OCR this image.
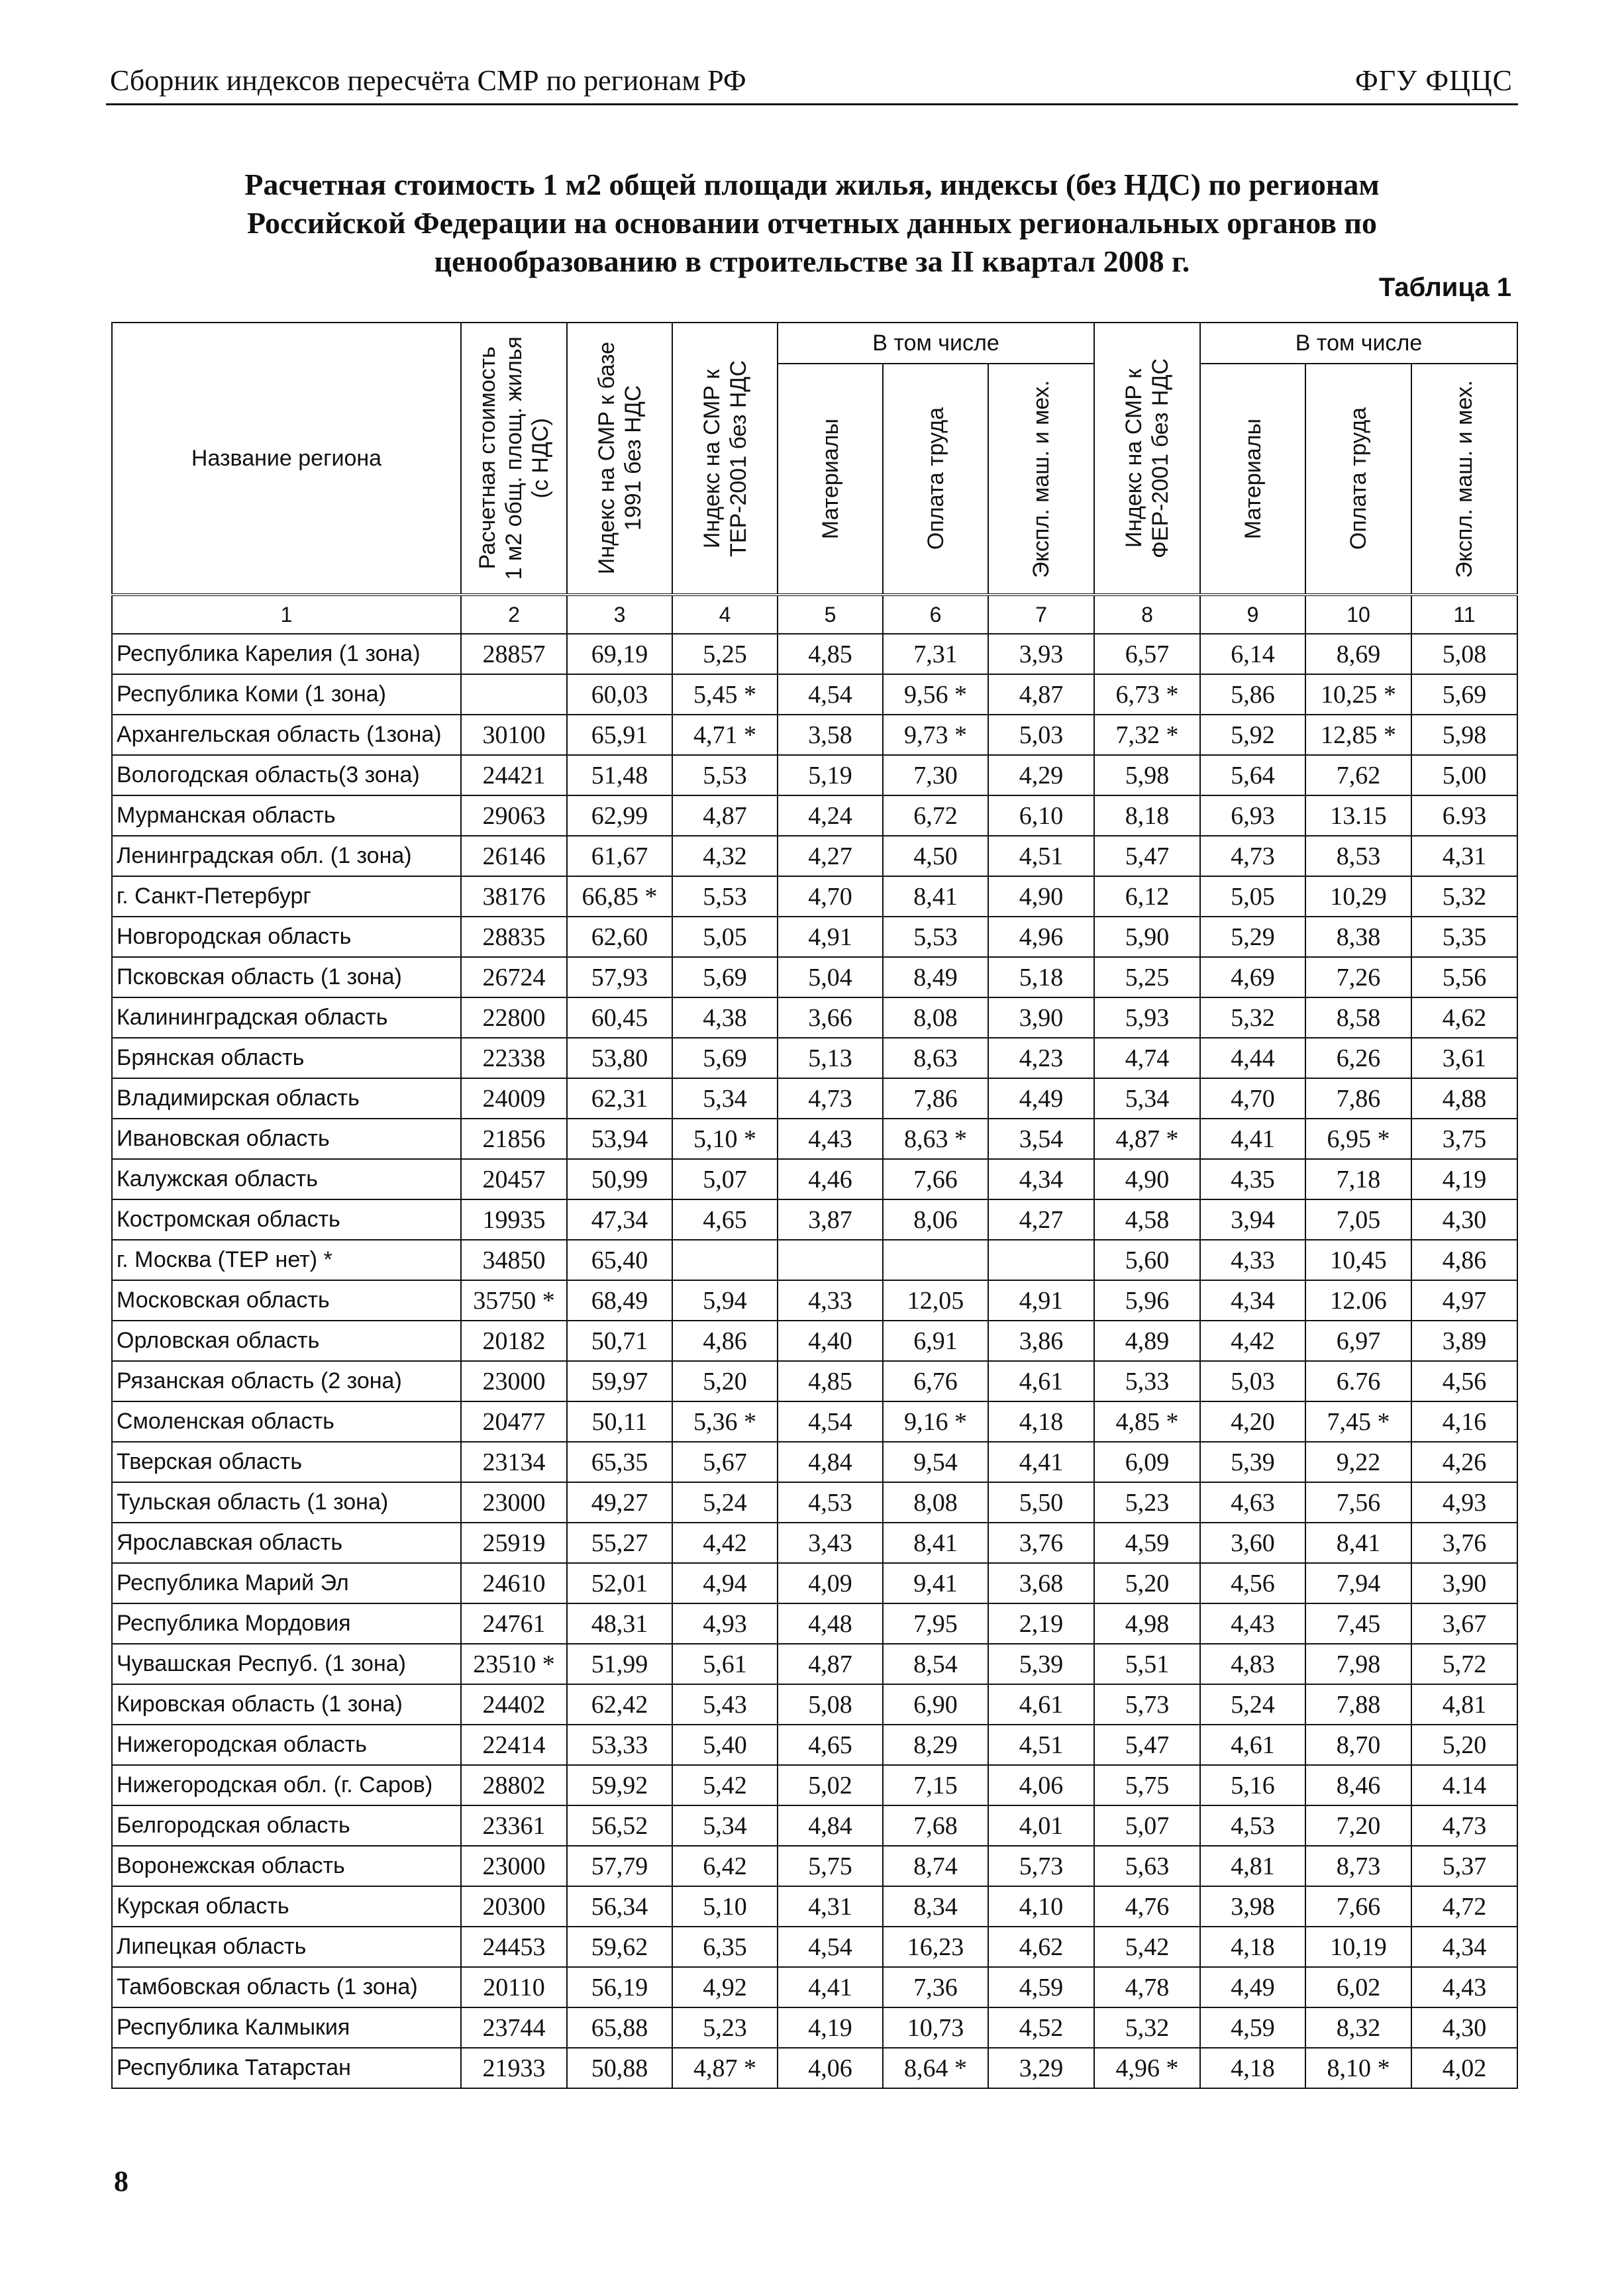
Сборник индексов пересчёта СМР по регионам РФ	ФГУ ФЦЦС
Расчетная стоимость 1 м2 общей площади жилья, индексы (без НДС) по регионам
Российской Федерации на основании отчетных данных региональных органов по
ценообразованию в строительстве за II квартал 2008 г.
Таблица 1
Название региона	Расчетная стоимость
1 м2 общ. площ. жилья
(с НДС)	Индекс на СМР к базе
1991 без НДС	Индекс на СМР к
ТЕР-2001 без НДС	В том числе			Индекс на СМР к
ФЕР-2001 без НДС	В том числе		

				Материалы	Оплата труда	Экспл. маш. и мех.		Материалы	Оплата труда	Экспл. маш. и мех.

1	2	3	4	5	6	7	8	9	10	11
Республика Карелия (1 зона)	28857	69,19	5,25	4,85	7,31	3,93	6,57	6,14	8,69	5,08
Республика Коми (1 зона)		60,03	5,45 *	4,54	9,56 *	4,87	6,73 *	5,86	10,25 *	5,69
Архангельская область (1зона)	30100	65,91	4,71 *	3,58	9,73 *	5,03	7,32 *	5,92	12,85 *	5,98
Вологодская область(3 зона)	24421	51,48	5,53	5,19	7,30	4,29	5,98	5,64	7,62	5,00
Мурманская область	29063	62,99	4,87	4,24	6,72	6,10	8,18	6,93	13.15	6.93
Ленинградская обл. (1 зона)	26146	61,67	4,32	4,27	4,50	4,51	5,47	4,73	8,53	4,31
г. Санкт-Петербург	38176	66,85 *	5,53	4,70	8,41	4,90	6,12	5,05	10,29	5,32
Новгородская область	28835	62,60	5,05	4,91	5,53	4,96	5,90	5,29	8,38	5,35
Псковская область (1 зона)	26724	57,93	5,69	5,04	8,49	5,18	5,25	4,69	7,26	5,56
Калининградская область	22800	60,45	4,38	3,66	8,08	3,90	5,93	5,32	8,58	4,62
Брянская область	22338	53,80	5,69	5,13	8,63	4,23	4,74	4,44	6,26	3,61
Владимирская область	24009	62,31	5,34	4,73	7,86	4,49	5,34	4,70	7,86	4,88
Ивановская область	21856	53,94	5,10 *	4,43	8,63 *	3,54	4,87 *	4,41	6,95 *	3,75
Калужская область	20457	50,99	5,07	4,46	7,66	4,34	4,90	4,35	7,18	4,19
Костромская область	19935	47,34	4,65	3,87	8,06	4,27	4,58	3,94	7,05	4,30
г. Москва (ТЕР нет) *	34850	65,40					5,60	4,33	10,45	4,86
Московская область	35750 *	68,49	5,94	4,33	12,05	4,91	5,96	4,34	12.06	4,97
Орловская область	20182	50,71	4,86	4,40	6,91	3,86	4,89	4,42	6,97	3,89
Рязанская область (2 зона)	23000	59,97	5,20	4,85	6,76	4,61	5,33	5,03	6.76	4,56
Смоленская область	20477	50,11	5,36 *	4,54	9,16 *	4,18	4,85 *	4,20	7,45 *	4,16
Тверская область	23134	65,35	5,67	4,84	9,54	4,41	6,09	5,39	9,22	4,26
Тульская область (1 зона)	23000	49,27	5,24	4,53	8,08	5,50	5,23	4,63	7,56	4,93
Ярославская область	25919	55,27	4,42	3,43	8,41	3,76	4,59	3,60	8,41	3,76
Республика Марий Эл	24610	52,01	4,94	4,09	9,41	3,68	5,20	4,56	7,94	3,90
Республика Мордовия	24761	48,31	4,93	4,48	7,95	2,19	4,98	4,43	7,45	3,67
Чувашская Респуб. (1 зона)	23510 *	51,99	5,61	4,87	8,54	5,39	5,51	4,83	7,98	5,72
Кировская область (1 зона)	24402	62,42	5,43	5,08	6,90	4,61	5,73	5,24	7,88	4,81
Нижегородская область	22414	53,33	5,40	4,65	8,29	4,51	5,47	4,61	8,70	5,20
Нижегородская обл. (г. Саров)	28802	59,92	5,42	5,02	7,15	4,06	5,75	5,16	8,46	4.14
Белгородская область	23361	56,52	5,34	4,84	7,68	4,01	5,07	4,53	7,20	4,73
Воронежская область	23000	57,79	6,42	5,75	8,74	5,73	5,63	4,81	8,73	5,37
Курская область	20300	56,34	5,10	4,31	8,34	4,10	4,76	3,98	7,66	4,72
Липецкая область	24453	59,62	6,35	4,54	16,23	4,62	5,42	4,18	10,19	4,34
Тамбовская область (1 зона)	20110	56,19	4,92	4,41	7,36	4,59	4,78	4,49	6,02	4,43
Республика Калмыкия	23744	65,88	5,23	4,19	10,73	4,52	5,32	4,59	8,32	4,30
Республика Татарстан	21933	50,88	4,87 *	4,06	8,64 *	3,29	4,96 *	4,18	8,10 *	4,02
8
